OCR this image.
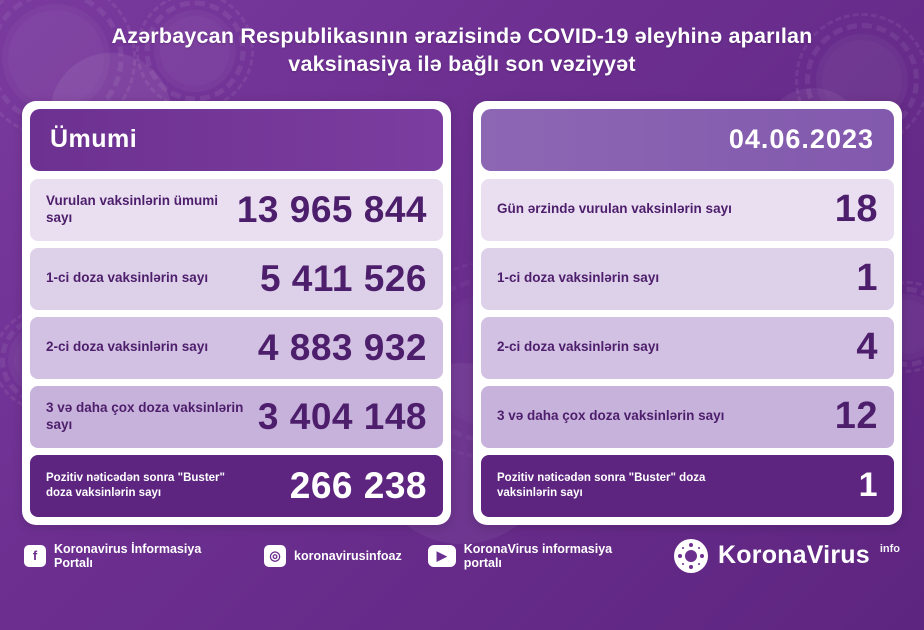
Azərbaycan Respublikasının ərazisində COVID-19 əleyhinə aparılan vaksinasiya ilə bağlı son vəziyyət
Ümumi
Vurulan vaksinlərin ümumi sayı	13 965 844
1-ci doza vaksinlərin sayı 5 411 526
2-ci doza vaksinlərin sayı 4 883 932
3 və daha çox doza vaksinlərin sayı	3 404 148
Pozitiv nəticədən sonra "Buster" doza vaksinlərin sayı	266 238
04.06.2023
Gün ərzində vurulan vaksinlərin sayı	18
1-ci doza vaksinlərin sayı	1
2-ci doza vaksinlərin sayı	4
3 və daha çox doza vaksinlərin sayı	12
Pozitiv nəticədən sonra "Buster" doza vaksinlərin sayı	1
f	Koronavirus İnformasiya Portalı	◎	koronavirusinfoaz	▶	KoronaVirus informasiya portalı	KoronaVirus info
